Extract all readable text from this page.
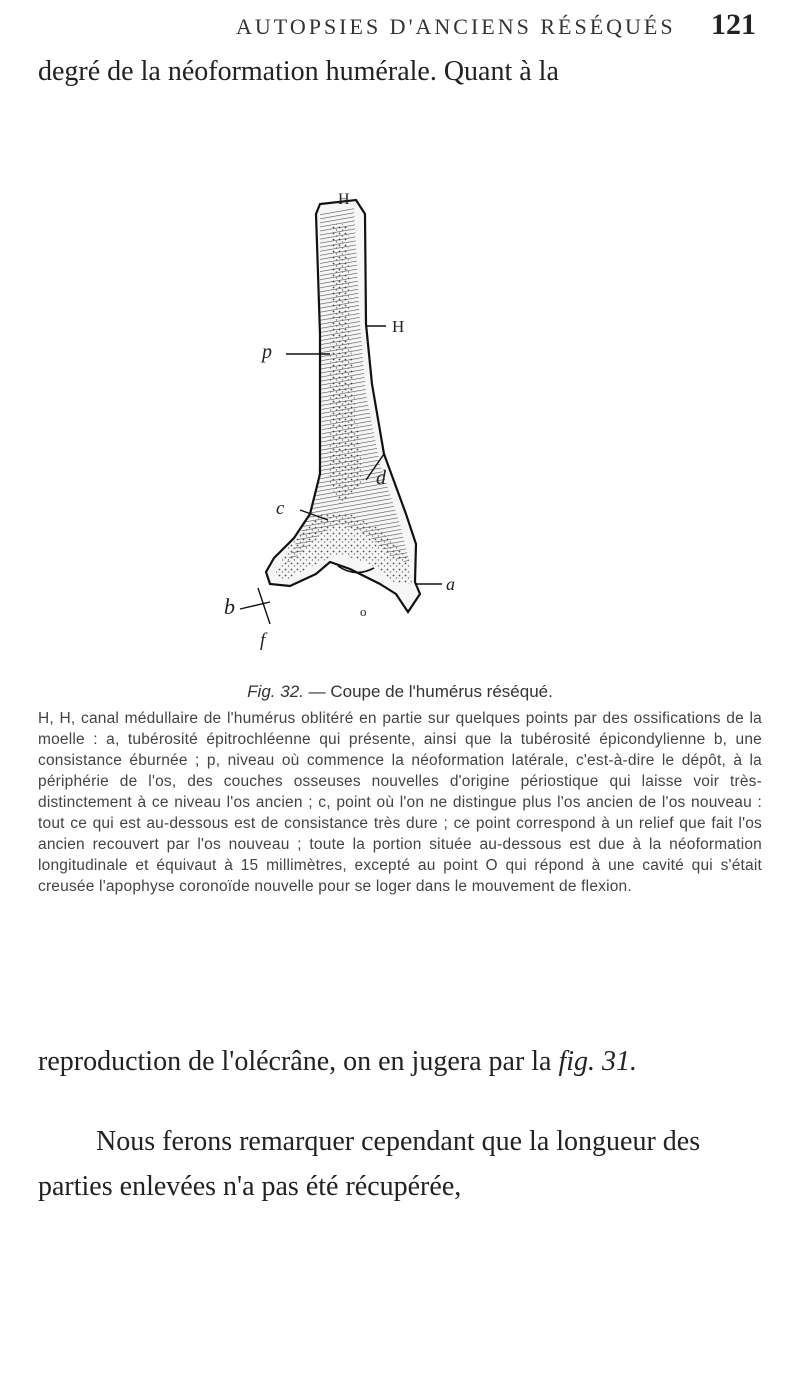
AUTOPSIES D'ANCIENS RÉSÉQUÉS 121
degré de la néoformation humérale. Quant à la
H
H
p
d
c
b
a
f
o

Fig. 32. — Coupe de l'humérus réséqué.

H, H, canal médullaire de l'humérus oblitéré en partie sur quelques points par des ossifications de la moelle : a, tubérosité épitrochléenne qui présente, ainsi que la tubérosité épicondylienne b, une consistance éburnée ; p, niveau où commence la néoformation latérale, c'est-à-dire le dépôt, à la périphérie de l'os, des couches osseuses nouvelles d'origine périostique qui laisse voir très-distinctement à ce niveau l'os ancien ; c, point où l'on ne distingue plus l'os ancien de l'os nouveau : tout ce qui est au-dessous est de consistance très dure ; ce point correspond à un relief que fait l'os ancien recouvert par l'os nouveau ; toute la portion située au-dessous est due à la néoformation longitudinale et équivaut à 15 millimètres, excepté au point O qui répond à une cavité qui s'était creusée l'apophyse coronoïde nouvelle pour se loger dans le mouvement de flexion.

reproduction de l'olécrâne, on en jugera par la fig. 31.

Nous ferons remarquer cependant que la longueur des parties enlevées n'a pas été récupérée,
